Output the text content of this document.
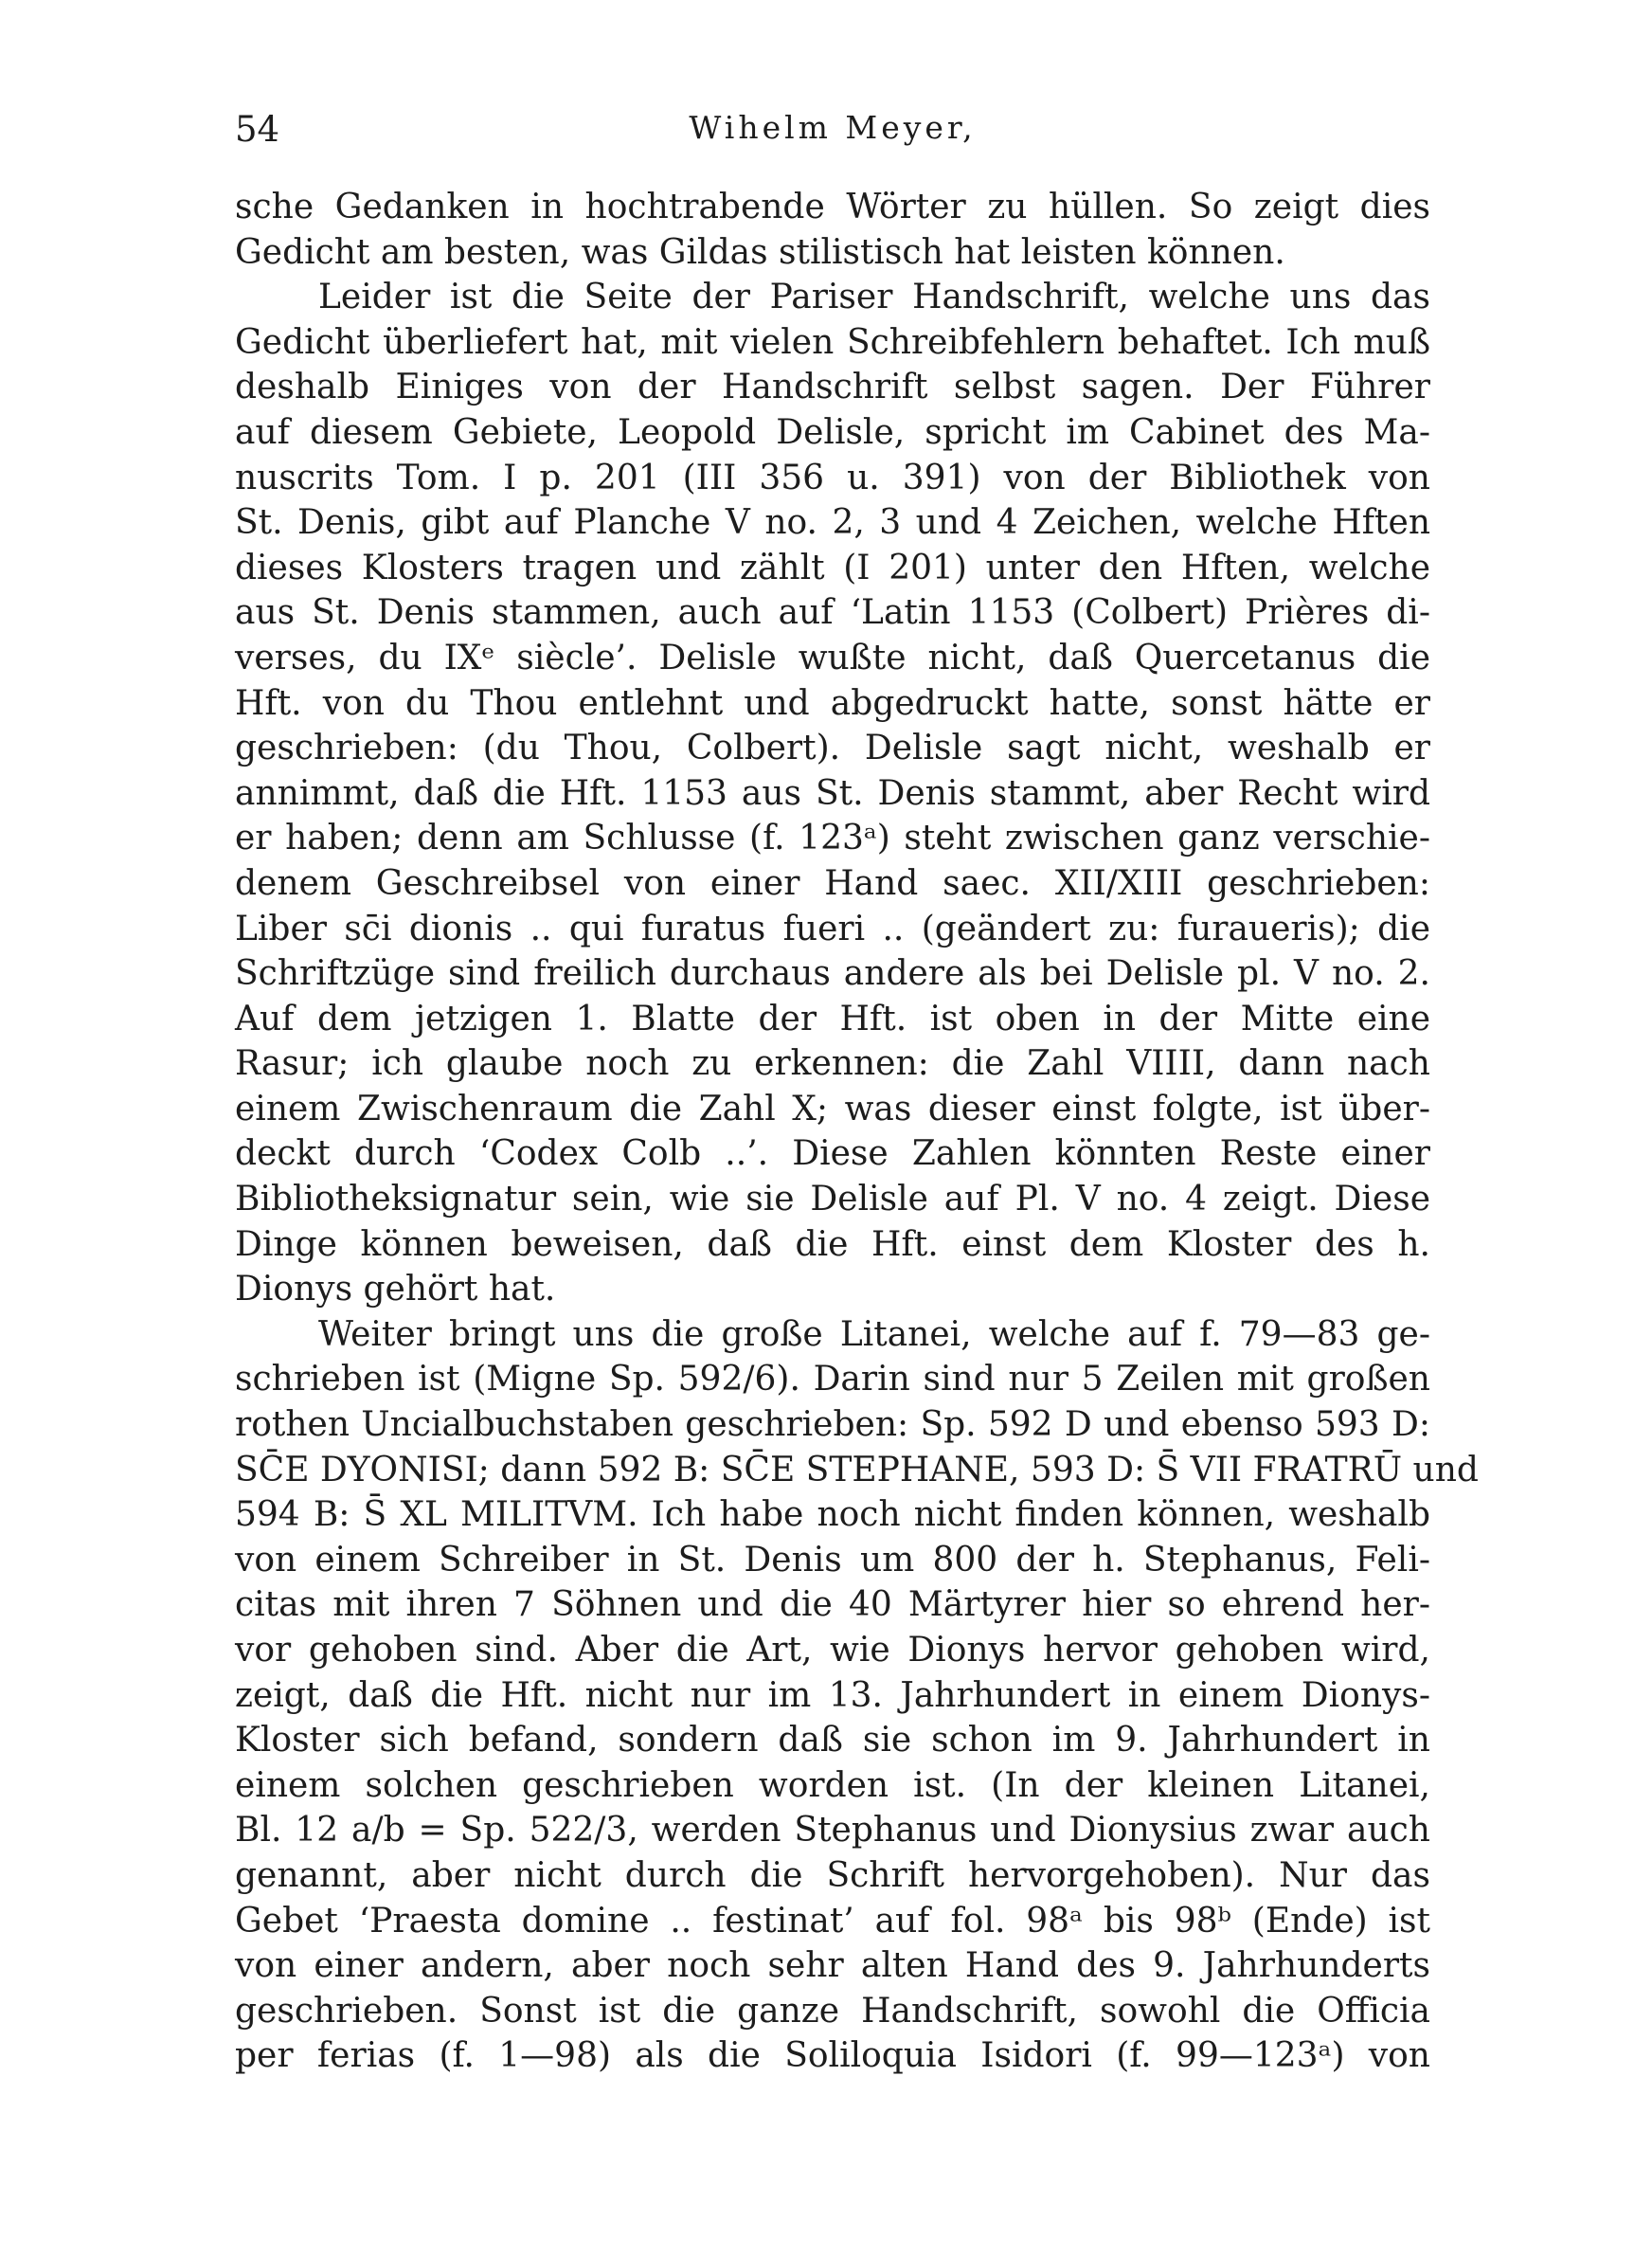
54	Wihelm Meyer,
sche Gedanken in hochtrabende Wörter zu hüllen. So zeigt dies
Gedicht am besten, was Gildas stilistisch hat leisten können.
Leider ist die Seite der Pariser Handschrift, welche uns das
Gedicht überliefert hat, mit vielen Schreibfehlern behaftet. Ich muß
deshalb Einiges von der Handschrift selbst sagen. Der Führer
auf diesem Gebiete, Leopold Delisle, spricht im Cabinet des Ma-
nuscrits Tom. I p. 201 (III 356 u. 391) von der Bibliothek von
St. Denis, gibt auf Planche V no. 2, 3 und 4 Zeichen, welche Hften
dieses Klosters tragen und zählt (I 201) unter den Hften, welche
aus St. Denis stammen, auch auf ‘Latin 1153 (Colbert) Prières di-
verses, du IXᵉ siècle’. Delisle wußte nicht, daß Quercetanus die
Hft. von du Thou entlehnt und abgedruckt hatte, sonst hätte er
geschrieben: (du Thou, Colbert). Delisle sagt nicht, weshalb er
annimmt, daß die Hft. 1153 aus St. Denis stammt, aber Recht wird
er haben; denn am Schlusse (f. 123ᵃ) steht zwischen ganz verschie-
denem Geschreibsel von einer Hand saec. XII/XIII geschrieben:
Liber sc̄i dionis .. qui furatus fueri .. (geändert zu: furaueris); die
Schriftzüge sind freilich durchaus andere als bei Delisle pl. V no. 2.
Auf dem jetzigen 1. Blatte der Hft. ist oben in der Mitte eine
Rasur; ich glaube noch zu erkennen: die Zahl VIIII, dann nach
einem Zwischenraum die Zahl X; was dieser einst folgte, ist über-
deckt durch ‘Codex Colb ..’. Diese Zahlen könnten Reste einer
Bibliotheksignatur sein, wie sie Delisle auf Pl. V no. 4 zeigt. Diese
Dinge können beweisen, daß die Hft. einst dem Kloster des h.
Dionys gehört hat.
Weiter bringt uns die große Litanei, welche auf f. 79—83 ge-
schrieben ist (Migne Sp. 592/6). Darin sind nur 5 Zeilen mit großen
rothen Uncialbuchstaben geschrieben: Sp. 592 D und ebenso 593 D:
SC̄E DYONISI; dann 592 B: SC̄E STEPHANE, 593 D: S̄ VII FRATRŪ und
594 B: S̄ XL MILITVM. Ich habe noch nicht finden können, weshalb
von einem Schreiber in St. Denis um 800 der h. Stephanus, Feli-
citas mit ihren 7 Söhnen und die 40 Märtyrer hier so ehrend her-
vor gehoben sind. Aber die Art, wie Dionys hervor gehoben wird,
zeigt, daß die Hft. nicht nur im 13. Jahrhundert in einem Dionys-
Kloster sich befand, sondern daß sie schon im 9. Jahrhundert in
einem solchen geschrieben worden ist. (In der kleinen Litanei,
Bl. 12 a/b = Sp. 522/3, werden Stephanus und Dionysius zwar auch
genannt, aber nicht durch die Schrift hervorgehoben). Nur das
Gebet ‘Praesta domine .. festinat’ auf fol. 98ᵃ bis 98ᵇ (Ende) ist
von einer andern, aber noch sehr alten Hand des 9. Jahrhunderts
geschrieben. Sonst ist die ganze Handschrift, sowohl die Officia
per ferias (f. 1—98) als die Soliloquia Isidori (f. 99—123ᵃ) von
